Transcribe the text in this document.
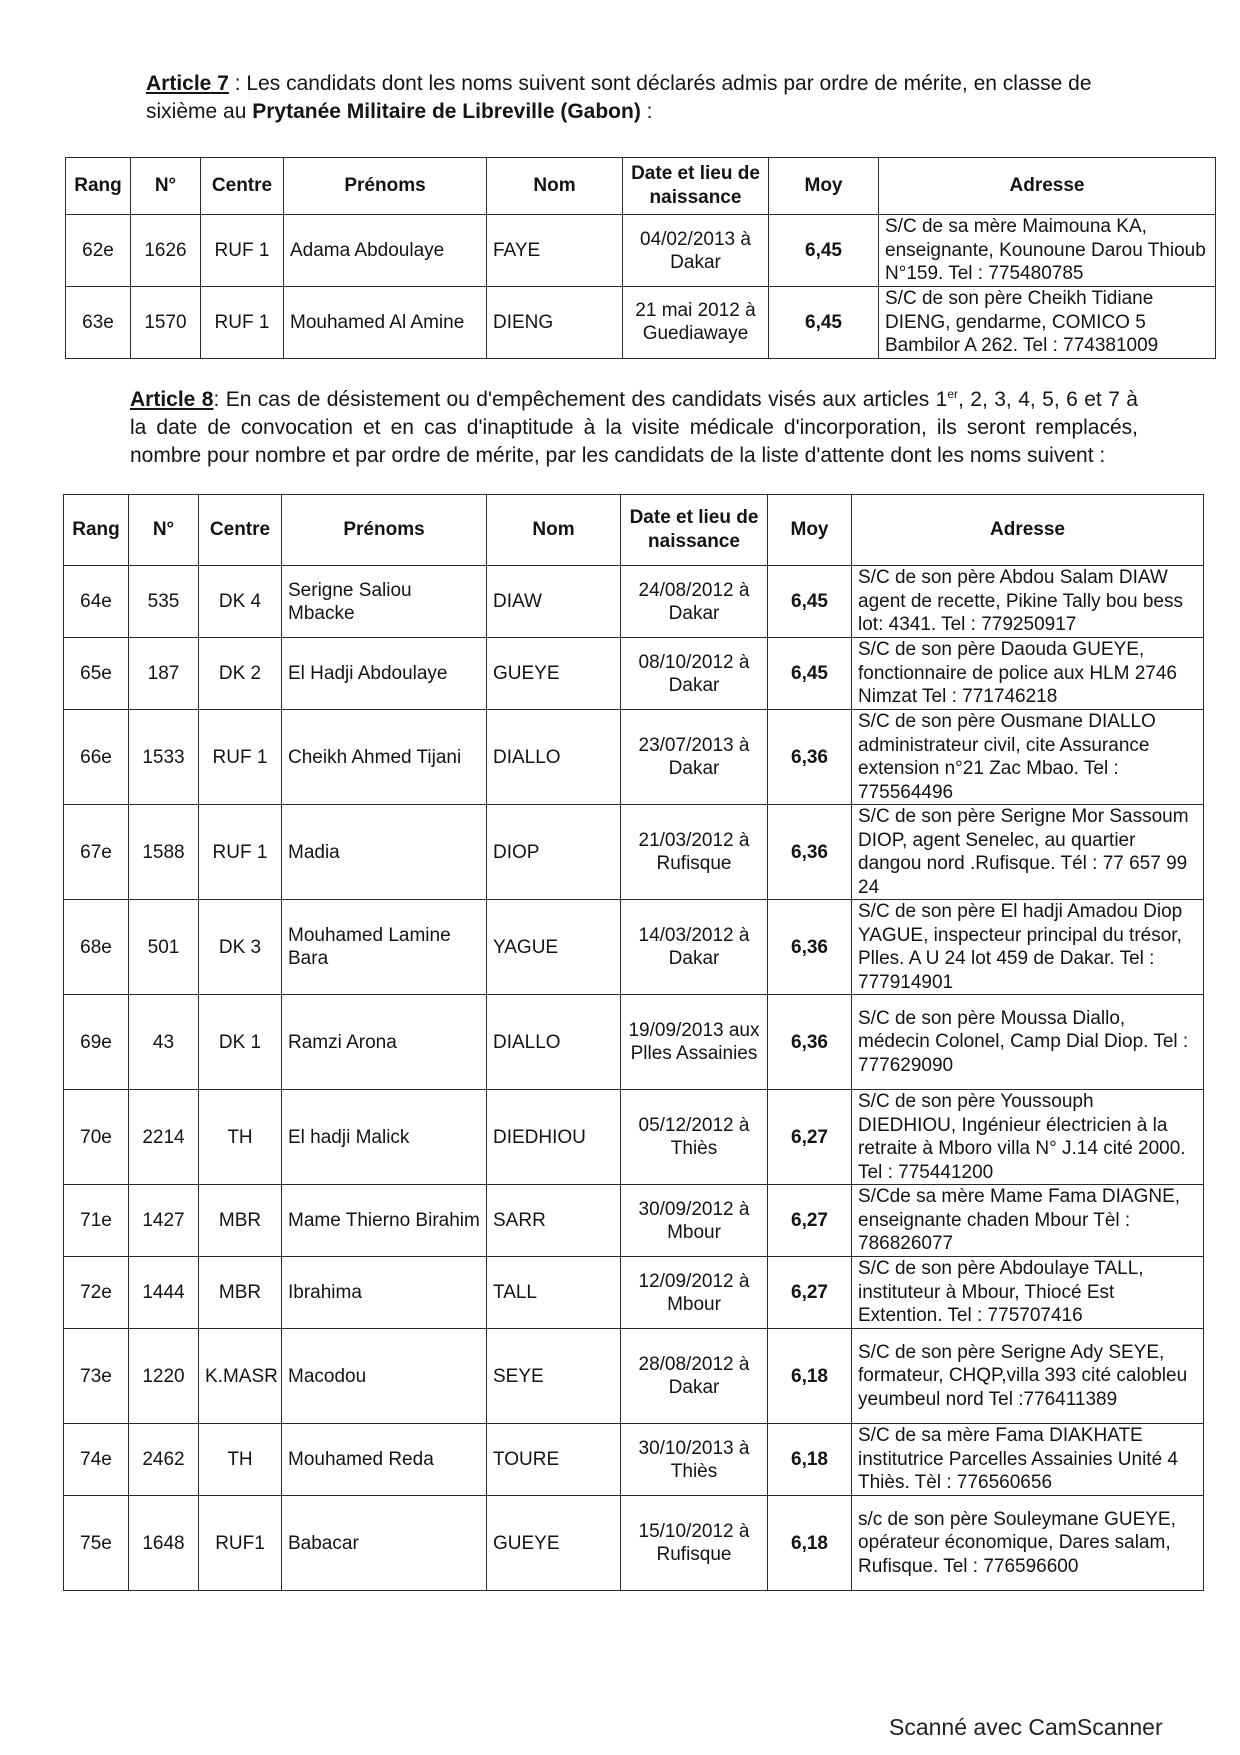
Article 7 : Les candidats dont les noms suivent sont déclarés admis par ordre de mérite, en classe de sixième au Prytanée Militaire de Libreville (Gabon) :
Rang	N°	Centre	Prénoms	Nom	Date et lieu de naissance	Moy	Adresse
62e	1626	RUF 1	Adama Abdoulaye	FAYE	04/02/2013 à Dakar	6,45	S/C de sa mère Maimouna KA, enseignante, Kounoune Darou Thioub N°159. Tel : 775480785
63e	1570	RUF 1	Mouhamed Al Amine	DIENG	21 mai 2012 à Guediawaye	6,45	S/C de son père Cheikh Tidiane DIENG, gendarme, COMICO 5 Bambilor A 262. Tel : 774381009
Article 8: En cas de désistement ou d'empêchement des candidats visés aux articles 1er, 2, 3, 4, 5, 6 et 7 à la date de convocation et en cas d'inaptitude à la visite médicale d'incorporation, ils seront remplacés, nombre pour nombre et par ordre de mérite, par les candidats de la liste d'attente dont les noms suivent :
Rang	N°	Centre	Prénoms	Nom	Date et lieu de naissance	Moy	Adresse
64e	535	DK 4	Serigne Saliou Mbacke	DIAW	24/08/2012 à Dakar	6,45	S/C de son père Abdou Salam DIAW agent de recette, Pikine Tally bou bess lot: 4341. Tel : 779250917
65e	187	DK 2	El Hadji Abdoulaye	GUEYE	08/10/2012 à Dakar	6,45	S/C de son père Daouda GUEYE, fonctionnaire de police aux HLM 2746 Nimzat Tel : 771746218
66e	1533	RUF 1	Cheikh Ahmed Tijani	DIALLO	23/07/2013 à Dakar	6,36	S/C de son père Ousmane DIALLO administrateur civil, cite Assurance extension n°21 Zac Mbao. Tel : 775564496
67e	1588	RUF 1	Madia	DIOP	21/03/2012 à Rufisque	6,36	S/C de son père Serigne Mor Sassoum DIOP, agent Senelec, au quartier dangou nord .Rufisque. Tél : 77 657 99 24
68e	501	DK 3	Mouhamed Lamine Bara	YAGUE	14/03/2012 à Dakar	6,36	S/C de son père El hadji Amadou Diop YAGUE, inspecteur principal du trésor, Plles. A U 24 lot 459 de Dakar. Tel : 777914901
69e	43	DK 1	Ramzi Arona	DIALLO	19/09/2013 aux Plles Assainies	6,36	S/C de son père Moussa Diallo, médecin Colonel, Camp Dial Diop. Tel : 777629090
70e	2214	TH	El hadji Malick	DIEDHIOU	05/12/2012 à Thiès	6,27	S/C de son père Youssouph DIEDHIOU, Ingénieur électricien à la retraite à Mboro villa N° J.14 cité 2000. Tel : 775441200
71e	1427	MBR	Mame Thierno Birahim	SARR	30/09/2012 à Mbour	6,27	S/Cde sa mère Mame Fama DIAGNE, enseignante chaden Mbour Tèl : 786826077
72e	1444	MBR	Ibrahima	TALL	12/09/2012 à Mbour	6,27	S/C de son père Abdoulaye TALL, instituteur à Mbour, Thiocé Est Extention. Tel : 775707416
73e	1220	K.MASR	Macodou	SEYE	28/08/2012 à Dakar	6,18	S/C de son père Serigne Ady SEYE, formateur, CHQP,villa 393 cité calobleu yeumbeul nord Tel :776411389
74e	2462	TH	Mouhamed Reda	TOURE	30/10/2013 à Thiès	6,18	S/C de sa mère Fama DIAKHATE institutrice Parcelles Assainies Unité 4 Thiès. Tèl : 776560656
75e	1648	RUF1	Babacar	GUEYE	15/10/2012 à Rufisque	6,18	s/c de son père Souleymane GUEYE, opérateur économique, Dares salam, Rufisque. Tel : 776596600
Scanné avec CamScanner
